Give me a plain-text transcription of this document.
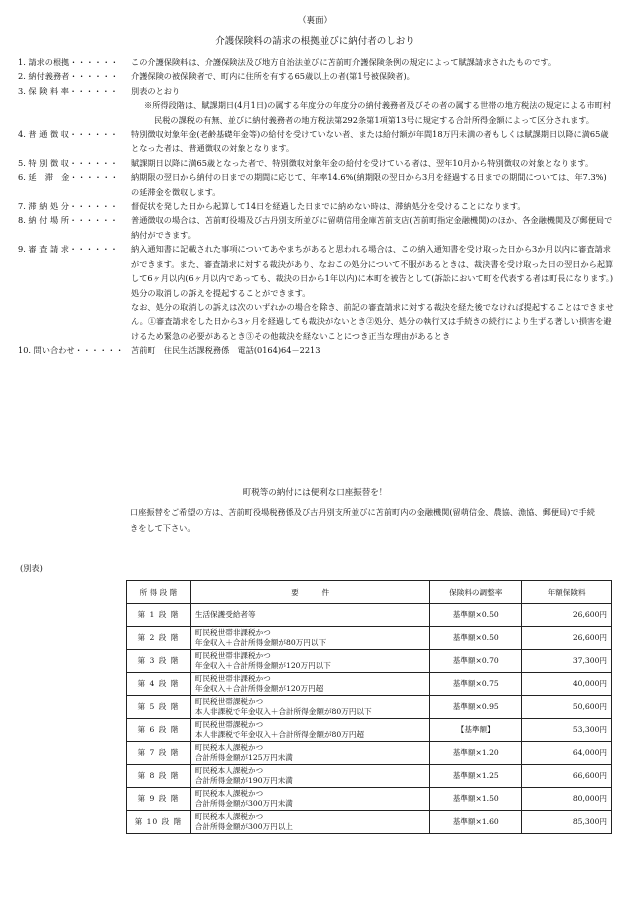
（裏面）
介護保険料の請求の根拠並びに納付者のしおり
1. 請求の根拠・・・・・・	この介護保険料は、介護保険法及び地方自治法並びに苫前町介護保険条例の規定によって賦課請求されたものです。
2. 納付義務者・・・・・・	介護保険の被保険者で、町内に住所を有する65歳以上の者(第1号被保険者)。
3. 保 険 料 率・・・・・・	別表のとおり
※所得段階は、賦課期日(4月1日)の属する年度分の年度分の納付義務者及びその者の属する世帯の地方税法の規定による市町村民税の課税の有無、並びに納付義務者の地方税法第292条第1項第13号に規定する合計所得金額によって区分されます。
4. 普 通 徴 収・・・・・・	特別徴収対象年金(老齢基礎年金等)の給付を受けていない者、または給付額が年間18万円未満の者もしくは賦課期日以降に満65歳となった者は、普通徴収の対象となります。
5. 特 別 徴 収・・・・・・	賦課期日以降に満65歳となった者で、特別徴収対象年金の給付を受けている者は、翌年10月から特別徴収の対象となります。
6. 延　滞　金・・・・・・	納期限の翌日から納付の日までの期間に応じて、年率14.6%(納期限の翌日から3月を経過する日までの期間については、年7.3%)の延滞金を徴収します。
7. 滞 納 処 分・・・・・・	督促状を発した日から起算して14日を経過した日までに納めない時は、滞納処分を受けることになります。
8. 納 付 場 所・・・・・・	普通徴収の場合は、苫前町役場及び古丹別支所並びに留萌信用金庫苫前支店(苫前町指定金融機関)のほか、各金融機関及び郵便局で納付ができます。
9. 審 査 請 求・・・・・・	納入通知書に記載された事項についてあやまちがあると思われる場合は、この納入通知書を受け取った日から3か月以内に審査請求ができます。また、審査請求に対する裁決があり、なおこの処分について不服があるときは、裁決書を受け取った日の翌日から起算して6ヶ月以内(6ヶ月以内であっても、裁決の日から1年以内)に本町を被告として(訴訟において町を代表する者は町長になります。)処分の取消しの訴えを提起することができます。
なお、処分の取消しの訴えは次のいずれかの場合を除き、前記の審査請求に対する裁決を経た後でなければ提起することはできません。①審査請求をした日から3ヶ月を経過しても裁決がないとき②処分、処分の執行又は手続きの続行により生ずる著しい損害を避けるため緊急の必要があるとき③その他裁決を経ないことにつき正当な理由があるとき
10. 問い合わせ・・・・・・ 苫前町　住民生活課税務係　電話(0164)64－2213
町税等の納付には便利な口座振替を！
口座振替をご希望の方は、苫前町役場税務係及び古丹別支所並びに苫前町内の金融機関(留萌信金、農協、漁協、郵便局)で手続きをして下さい。
(別表)
所 得 段 階	要　　　件	保険料の調整率	年額保険料
第 1 段 階	生活保護受給者等	基準額×0.50	26,600円
第 2 段 階	町民税世帯非課税かつ
年金収入＋合計所得金額が80万円以下	基準額×0.50	26,600円
第 3 段 階	町民税世帯非課税かつ
年金収入＋合計所得金額が120万円以下	基準額×0.70	37,300円
第 4 段 階	町民税世帯非課税かつ
年金収入＋合計所得金額が120万円超	基準額×0.75	40,000円
第 5 段 階	町民税世帯課税かつ
本人非課税で年金収入＋合計所得金額が80万円以下	基準額×0.95	50,600円
第 6 段 階	町民税世帯課税かつ
本人非課税で年金収入＋合計所得金額が80万円超	【基準額】	53,300円
第 7 段 階	町民税本人課税かつ
合計所得金額が125万円未満	基準額×1.20	64,000円
第 8 段 階	町民税本人課税かつ
合計所得金額が190万円未満	基準額×1.25	66,600円
第 9 段 階	町民税本人課税かつ
合計所得金額が300万円未満	基準額×1.50	80,000円
第 10 段 階	町民税本人課税かつ
合計所得金額が300万円以上	基準額×1.60	85,300円
